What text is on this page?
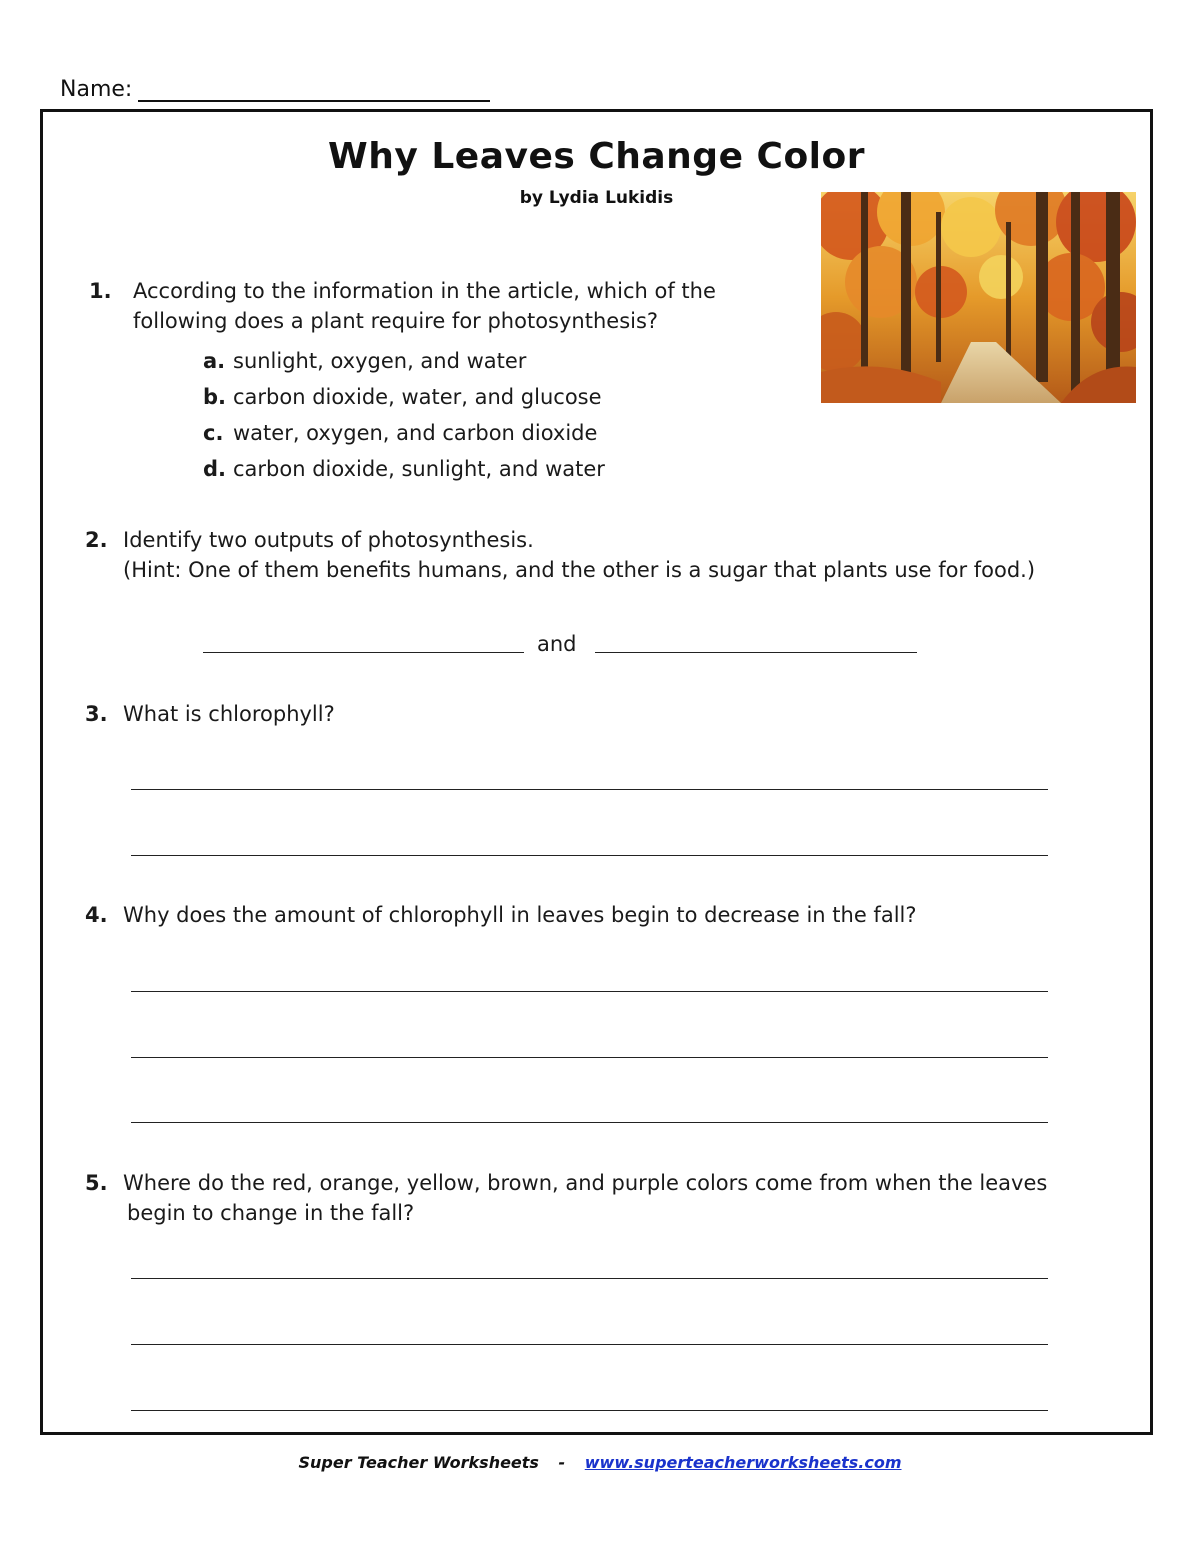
Name:
Why Leaves Change Color
by Lydia Lukidis
1. According to the information in the article, which of the
following does a plant require for photosynthesis?
a. sunlight, oxygen, and water
b. carbon dioxide, water, and glucose
c. water, oxygen, and carbon dioxide
d. carbon dioxide, sunlight, and water
2. Identify two outputs of photosynthesis.
(Hint: One of them benefits humans, and the other is a sugar that plants use for food.)
and
3. What is chlorophyll?
4. Why does the amount of chlorophyll in leaves begin to decrease in the fall?
5. Where do the red, orange, yellow, brown, and purple colors come from when the leaves
begin to change in the fall?
Super Teacher Worksheets - www.superteacherworksheets.com
